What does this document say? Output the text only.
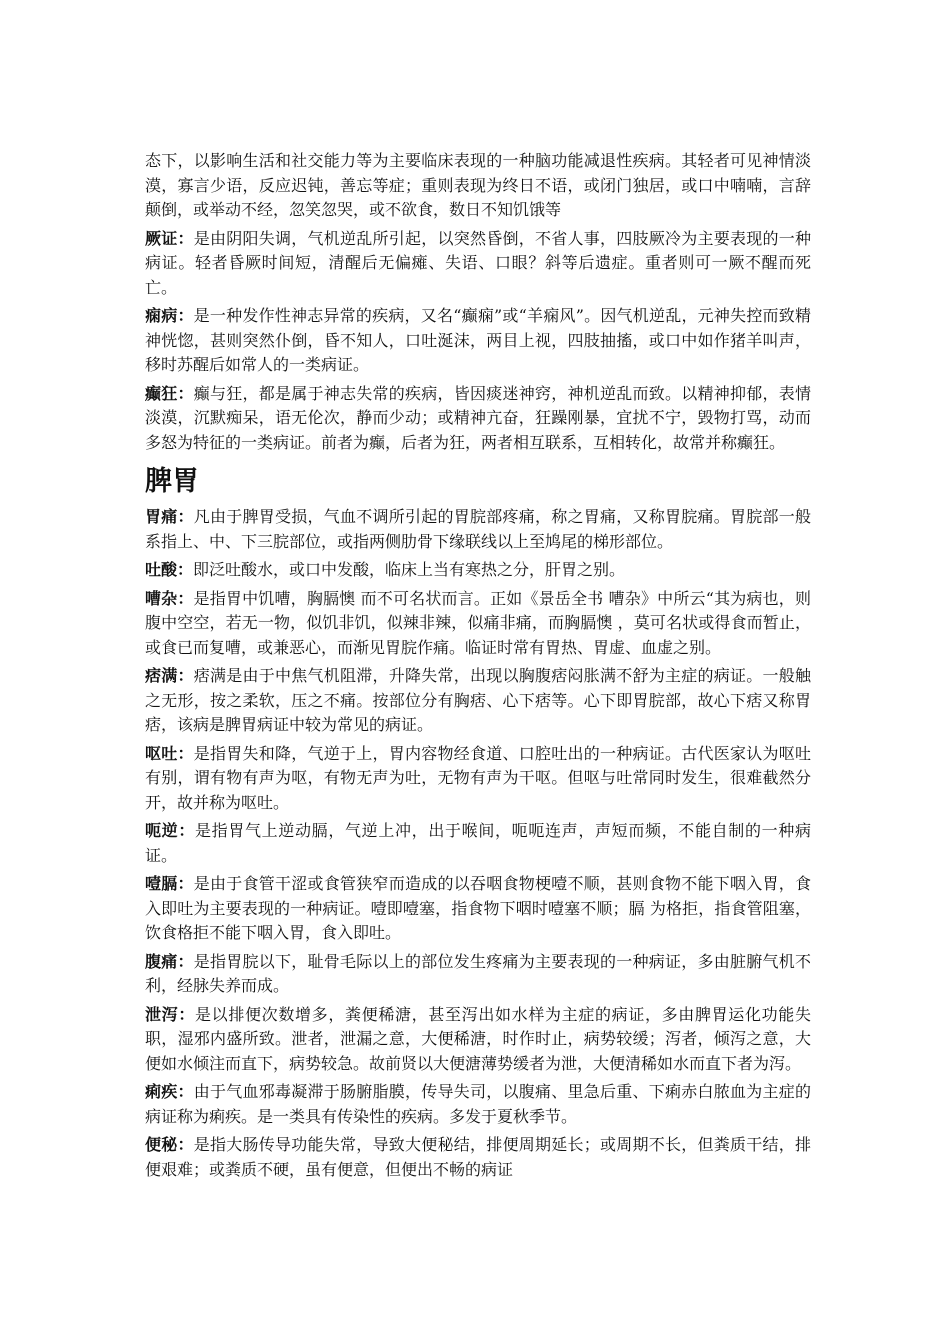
态下，以影响生活和社交能力等为主要临床表现的一种脑功能减退性疾病。其轻者可见神情淡漠，寡言少语，反应迟钝，善忘等症；重则表现为终日不语，或闭门独居，或口中喃喃，言辞颠倒，或举动不经，忽笑忽哭，或不欲食，数日不知饥饿等

厥证：是由阴阳失调，气机逆乱所引起，以突然昏倒，不省人事，四肢厥冷为主要表现的一种病证。轻者昏厥时间短，清醒后无偏瘫、失语、口眼？斜等后遗症。重者则可一厥不醒而死亡。

痫病：是一种发作性神志异常的疾病，又名“癫痫”或“羊痫风”。因气机逆乱，元神失控而致精神恍惚，甚则突然仆倒，昏不知人，口吐涎沫，两目上视，四肢抽搐，或口中如作猪羊叫声，移时苏醒后如常人的一类病证。

癫狂：癫与狂，都是属于神志失常的疾病，皆因痰迷神窍，神机逆乱而致。以精神抑郁，表情淡漠，沉默痴呆，语无伦次，静而少动；或精神亢奋，狂躁刚暴，宜扰不宁，毁物打骂，动而多怒为特征的一类病证。前者为癫，后者为狂，两者相互联系，互相转化，故常并称癫狂。

脾胃

胃痛：凡由于脾胃受损，气血不调所引起的胃脘部疼痛，称之胃痛，又称胃脘痛。胃脘部一般系指上、中、下三脘部位，或指两侧肋骨下缘联线以上至鸠尾的梯形部位。

吐酸：即泛吐酸水，或口中发酸，临床上当有寒热之分，肝胃之别。

嘈杂：是指胃中饥嘈，胸膈懊 而不可名状而言。正如《景岳全书 嘈杂》中所云“其为病也，则腹中空空，若无一物，似饥非饥，似辣非辣，似痛非痛，而胸膈懊 ，莫可名状或得食而暂止，或食已而复嘈，或兼恶心，而渐见胃脘作痛。临证时常有胃热、胃虚、血虚之别。

痞满：痞满是由于中焦气机阻滞，升降失常，出现以胸腹痞闷胀满不舒为主症的病证。一般触之无形，按之柔软，压之不痛。按部位分有胸痞、心下痞等。心下即胃脘部，故心下痞又称胃痞，该病是脾胃病证中较为常见的病证。

呕吐：是指胃失和降，气逆于上，胃内容物经食道、口腔吐出的一种病证。古代医家认为呕吐有别，谓有物有声为呕，有物无声为吐，无物有声为干呕。但呕与吐常同时发生，很难截然分开，故并称为呕吐。

呃逆：是指胃气上逆动膈，气逆上冲，出于喉间，呃呃连声，声短而频，不能自制的一种病证。

噎膈：是由于食管干涩或食管狭窄而造成的以吞咽食物梗噎不顺，甚则食物不能下咽入胃，食入即吐为主要表现的一种病证。噎即噎塞，指食物下咽时噎塞不顺；膈 为格拒，指食管阻塞，饮食格拒不能下咽入胃，食入即吐。

腹痛：是指胃脘以下，耻骨毛际以上的部位发生疼痛为主要表现的一种病证，多由脏腑气机不利，经脉失养而成。

泄泻：是以排便次数增多，粪便稀溏，甚至泻出如水样为主症的病证，多由脾胃运化功能失职，湿邪内盛所致。泄者，泄漏之意，大便稀溏，时作时止，病势较缓；泻者，倾泻之意，大便如水倾注而直下，病势较急。故前贤以大便溏薄势缓者为泄，大便清稀如水而直下者为泻。

痢疾：由于气血邪毒凝滞于肠腑脂膜，传导失司，以腹痛、里急后重、下痢赤白脓血为主症的病证称为痢疾。是一类具有传染性的疾病。多发于夏秋季节。

便秘：是指大肠传导功能失常，导致大便秘结，排便周期延长；或周期不长，但粪质干结，排便艰难；或粪质不硬，虽有便意，但便出不畅的病证
